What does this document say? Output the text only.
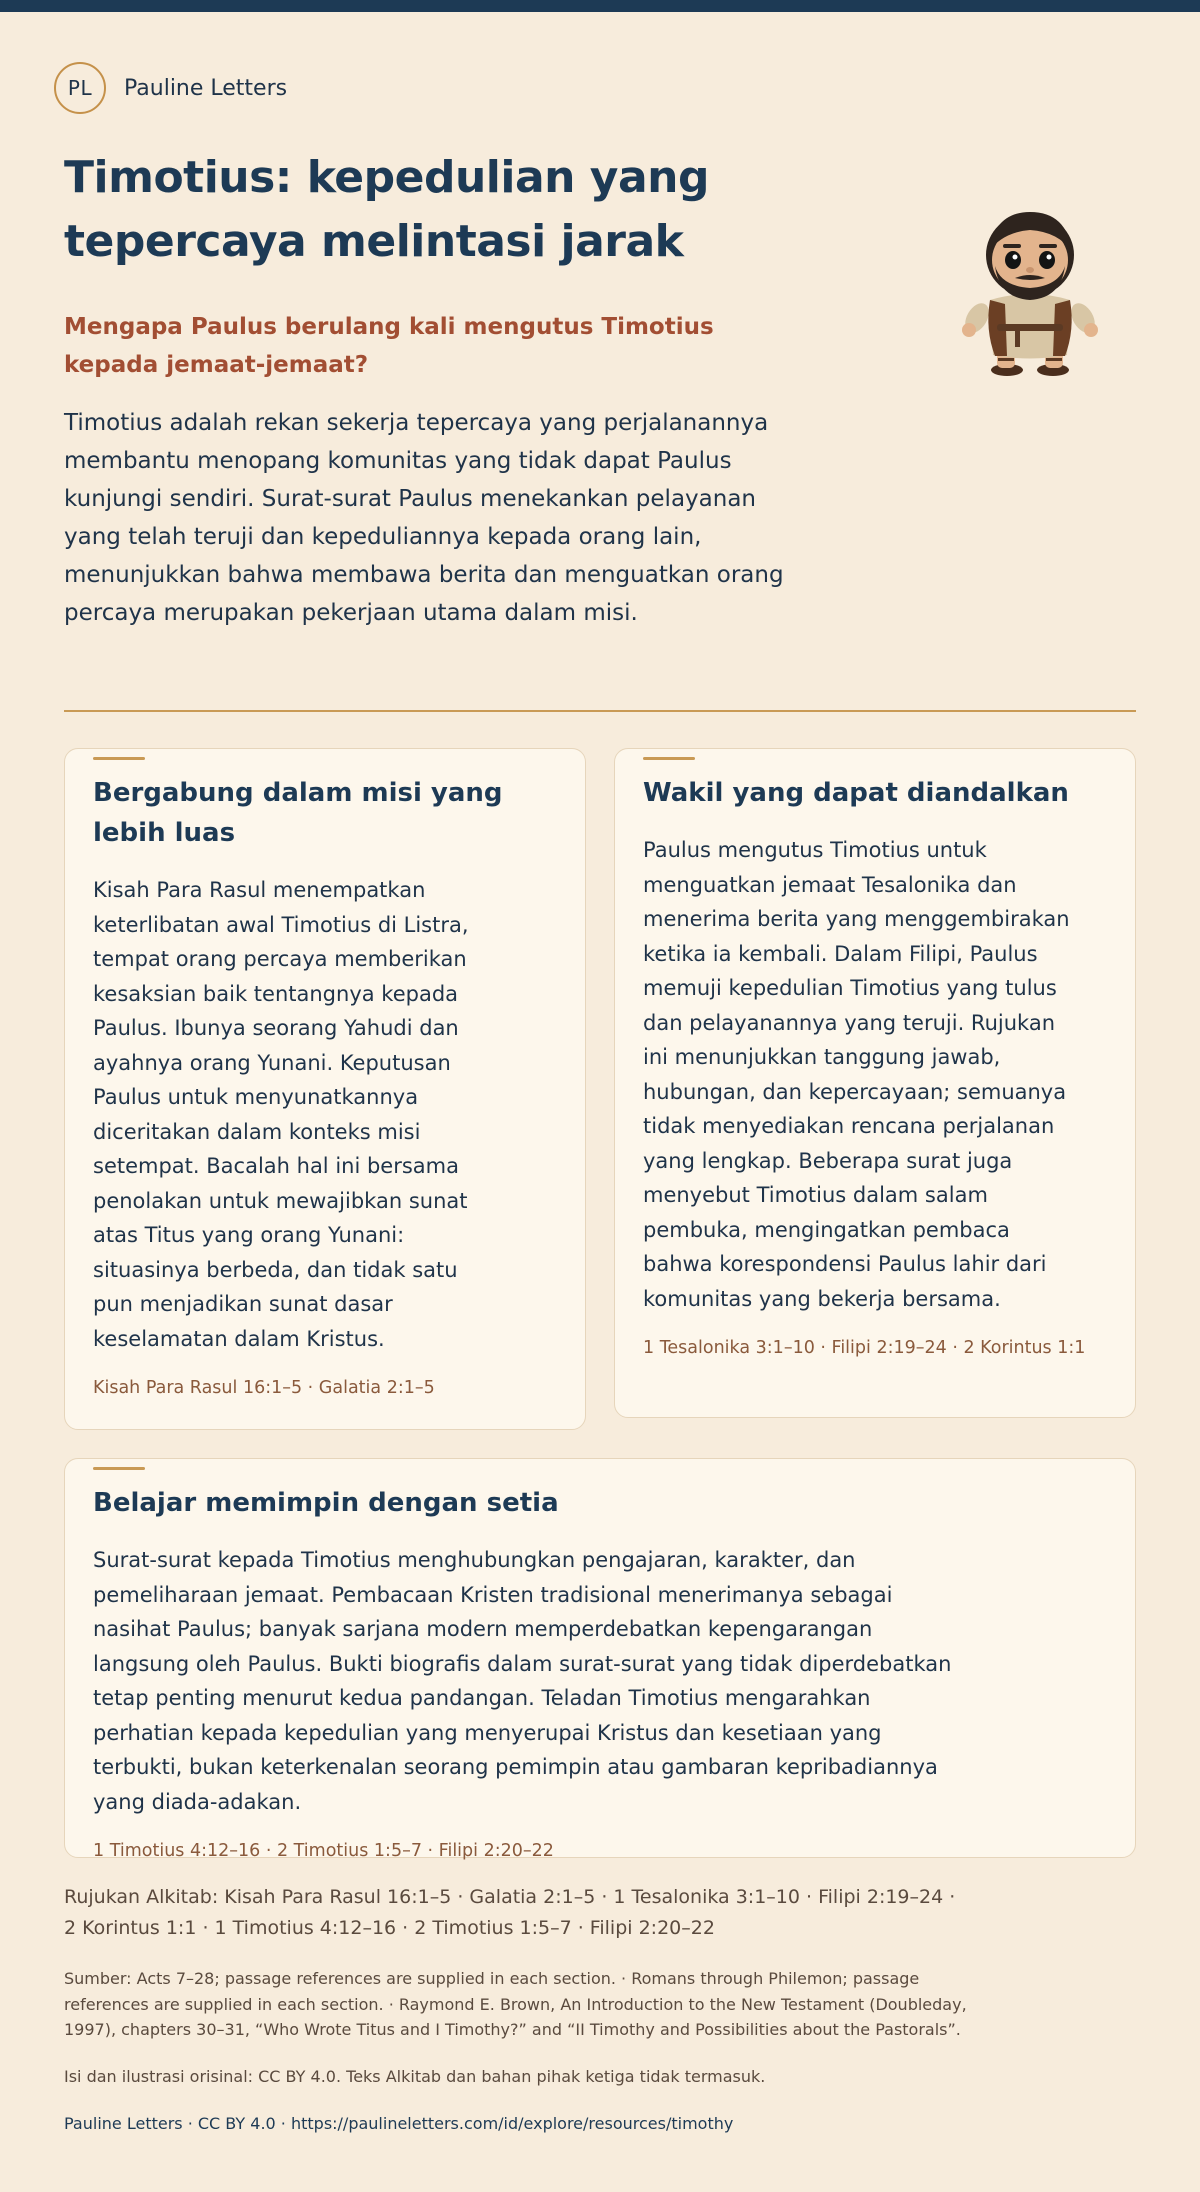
PL	Pauline Letters
Timotius: kepedulian yang tepercaya melintasi jarak
Mengapa Paulus berulang kali mengutus Timotius kepada jemaat-jemaat?

Timotius adalah rekan sekerja tepercaya yang perjalanannya membantu menopang komunitas yang tidak dapat Paulus kunjungi sendiri. Surat-surat Paulus menekankan pelayanan yang telah teruji dan kepeduliannya kepada orang lain, menunjukkan bahwa membawa berita dan menguatkan orang percaya merupakan pekerjaan utama dalam misi.

Bergabung dalam misi yang lebih luas

Kisah Para Rasul menempatkan keterlibatan awal Timotius di Listra, tempat orang percaya memberikan kesaksian baik tentangnya kepada Paulus. Ibunya seorang Yahudi dan ayahnya orang Yunani. Keputusan Paulus untuk menyunatkannya diceritakan dalam konteks misi setempat. Bacalah hal ini bersama penolakan untuk mewajibkan sunat atas Titus yang orang Yunani: situasinya berbeda, dan tidak satu pun menjadikan sunat dasar keselamatan dalam Kristus.

Kisah Para Rasul 16:1–5 · Galatia 2:1–5

Wakil yang dapat diandalkan

Paulus mengutus Timotius untuk menguatkan jemaat Tesalonika dan menerima berita yang menggembirakan ketika ia kembali. Dalam Filipi, Paulus memuji kepedulian Timotius yang tulus dan pelayanannya yang teruji. Rujukan ini menunjukkan tanggung jawab, hubungan, dan kepercayaan; semuanya tidak menyediakan rencana perjalanan yang lengkap. Beberapa surat juga menyebut Timotius dalam salam pembuka, mengingatkan pembaca bahwa korespondensi Paulus lahir dari komunitas yang bekerja bersama.

1 Tesalonika 3:1–10 · Filipi 2:19–24 · 2 Korintus 1:1

Belajar memimpin dengan setia

Surat-surat kepada Timotius menghubungkan pengajaran, karakter, dan pemeliharaan jemaat. Pembacaan Kristen tradisional menerimanya sebagai nasihat Paulus; banyak sarjana modern memperdebatkan kepengarangan langsung oleh Paulus. Bukti biografis dalam surat-surat yang tidak diperdebatkan tetap penting menurut kedua pandangan. Teladan Timotius mengarahkan perhatian kepada kepedulian yang menyerupai Kristus dan kesetiaan yang terbukti, bukan keterkenalan seorang pemimpin atau gambaran kepribadiannya yang diada-adakan.

1 Timotius 4:12–16 · 2 Timotius 1:5–7 · Filipi 2:20–22

Rujukan Alkitab: Kisah Para Rasul 16:1–5 · Galatia 2:1–5 · 1 Tesalonika 3:1–10 · Filipi 2:19–24 · 2 Korintus 1:1 · 1 Timotius 4:12–16 · 2 Timotius 1:5–7 · Filipi 2:20–22

Sumber: Acts 7–28; passage references are supplied in each section. · Romans through Philemon; passage references are supplied in each section. · Raymond E. Brown, An Introduction to the New Testament (Doubleday, 1997), chapters 30–31, “Who Wrote Titus and I Timothy?” and “II Timothy and Possibilities about the Pastorals”.

Isi dan ilustrasi orisinal: CC BY 4.0. Teks Alkitab dan bahan pihak ketiga tidak termasuk.

Pauline Letters · CC BY 4.0 · https://paulineletters.com/id/explore/resources/timothy
